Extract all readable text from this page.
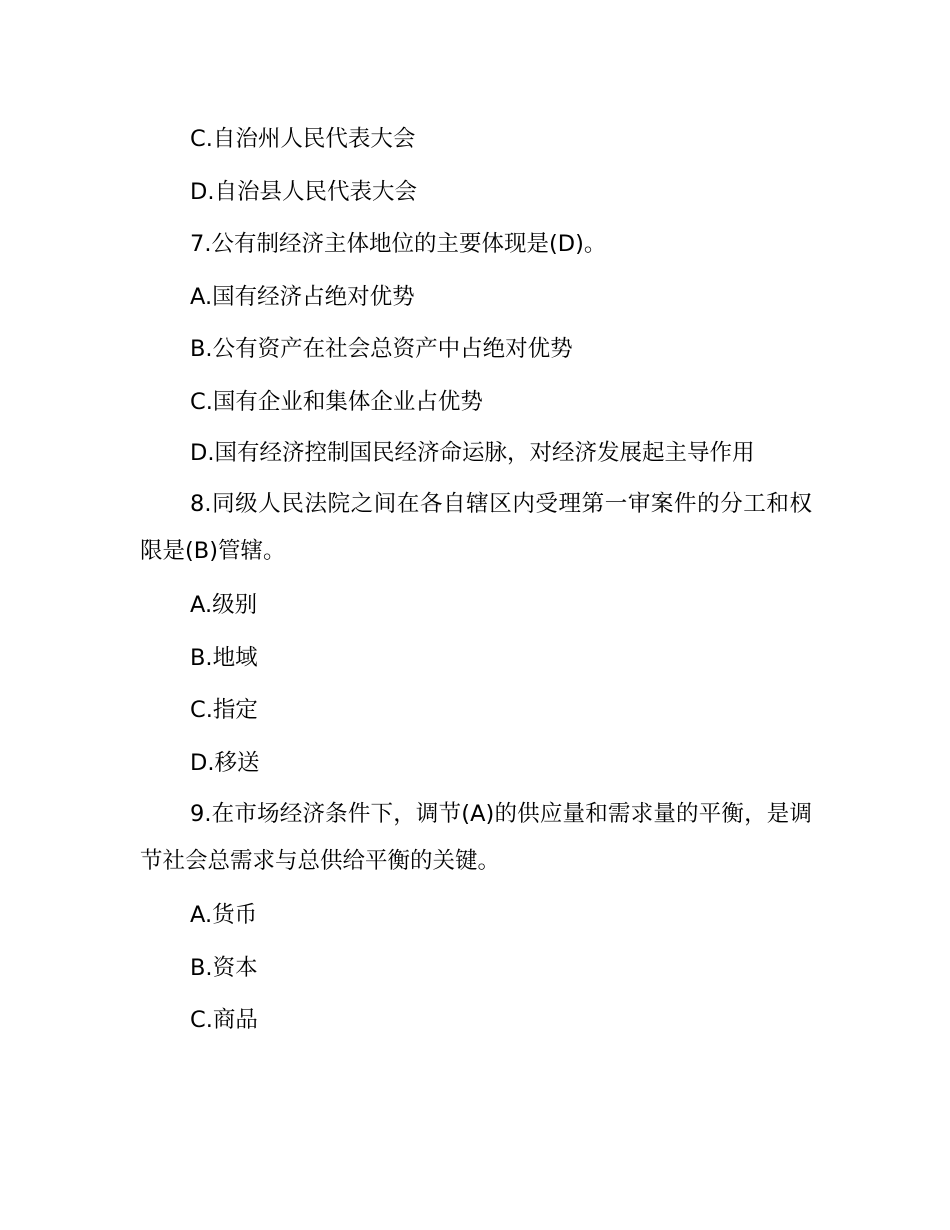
C.自治州人民代表大会
D.自治县人民代表大会
7.公有制经济主体地位的主要体现是(D)。
A.国有经济占绝对优势
B.公有资产在社会总资产中占绝对优势
C.国有企业和集体企业占优势
D.国有经济控制国民经济命运脉，对经济发展起主导作用
8.同级人民法院之间在各自辖区内受理第一审案件的分工和权限是(B)管辖。
A.级别
B.地域
C.指定
D.移送
9.在市场经济条件下，调节(A)的供应量和需求量的平衡，是调节社会总需求与总供给平衡的关键。
A.货币
B.资本
C.商品
